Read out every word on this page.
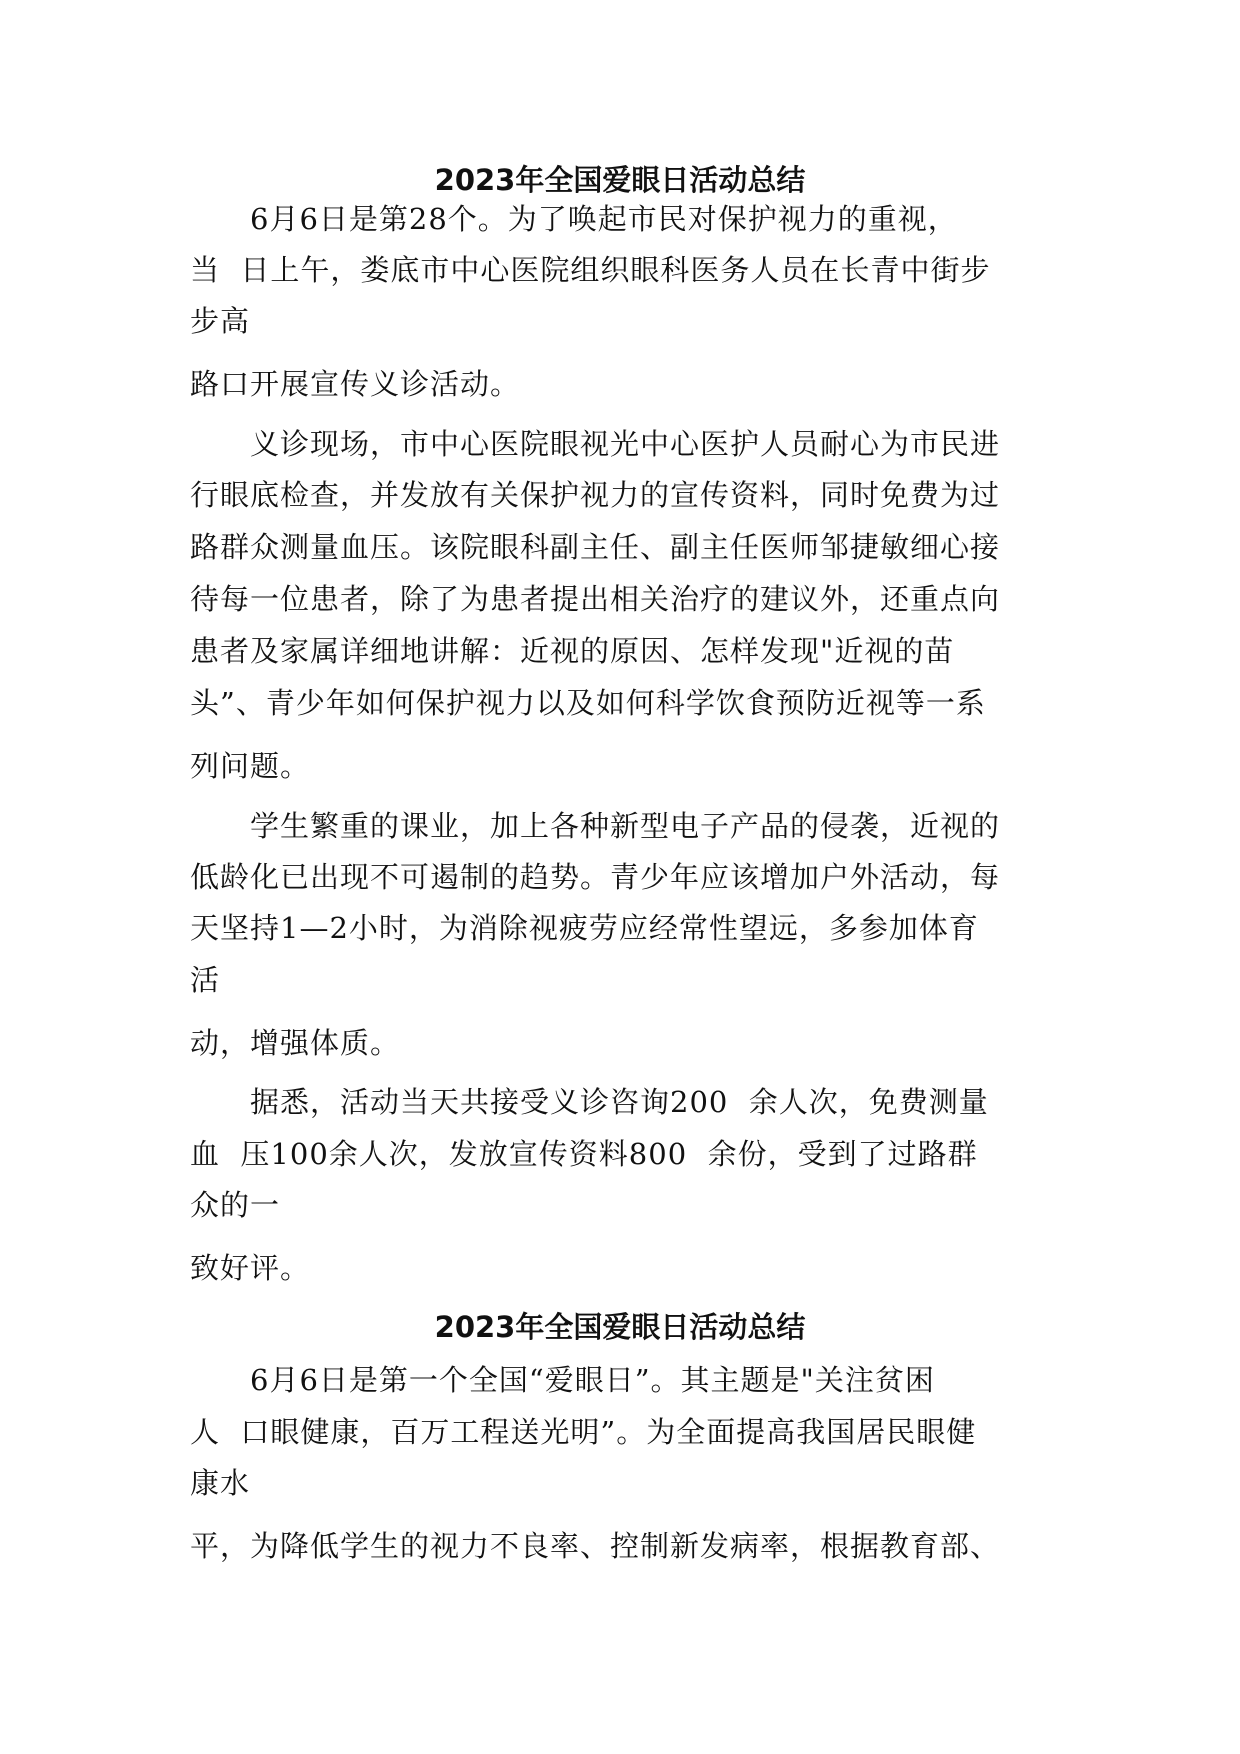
2023年全国爱眼日活动总结
　　6月6日是第28个。为了唤起市民对保护视力的重视，
当  日上午，娄底市中心医院组织眼科医务人员在长青中街步
步高
路口开展宣传义诊活动。
　　义诊现场，市中心医院眼视光中心医护人员耐心为市民进
行眼底检查，并发放有关保护视力的宣传资料，同时免费为过
路群众测量血压。该院眼科副主任、副主任医师邹捷敏细心接
待每一位患者，除了为患者提出相关治疗的建议外，还重点向
患者及家属详细地讲解：近视的原因、怎样发现"近视的苗
头”、青少年如何保护视力以及如何科学饮食预防近视等一系
列问题。
　　学生繁重的课业，加上各种新型电子产品的侵袭，近视的
低龄化已出现不可遏制的趋势。青少年应该增加户外活动，每
天坚持1—2小时，为消除视疲劳应经常性望远，多参加体育
活
动，增强体质。
　　据悉，活动当天共接受义诊咨询200  余人次，免费测量
血  压100余人次，发放宣传资料800  余份，受到了过路群
众的一
致好评。
2023年全国爱眼日活动总结
　　6月6日是第一个全国“爱眼日”。其主题是"关注贫困
人  口眼健康，百万工程送光明”。为全面提高我国居民眼健
康水
平，为降低学生的视力不良率、控制新发病率，根据教育部、
